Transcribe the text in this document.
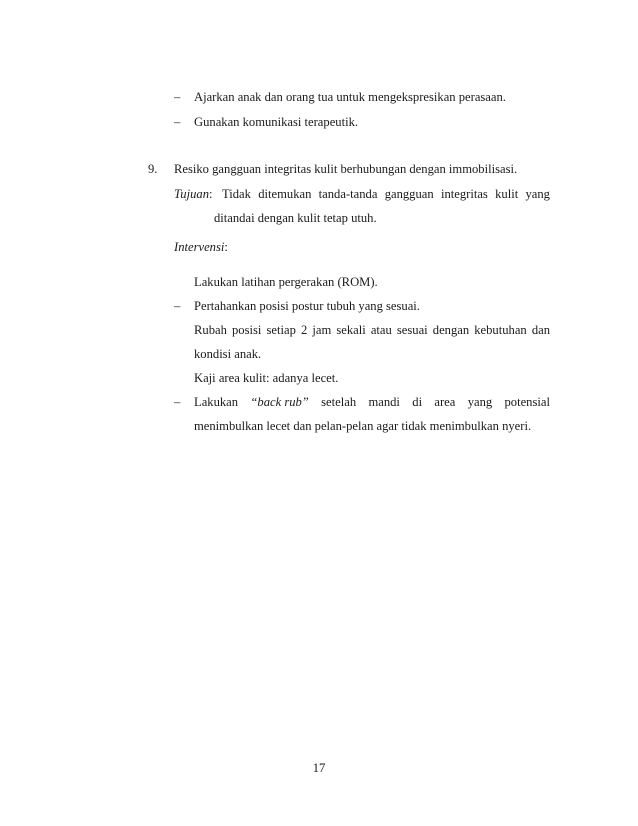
– Ajarkan anak dan orang tua untuk mengekspresikan perasaan.
– Gunakan komunikasi terapeutik.
9. Resiko gangguan integritas kulit berhubungan dengan immobilisasi.
Tujuan: Tidak ditemukan tanda-tanda gangguan integritas kulit yang
ditandai dengan kulit tetap utuh.
Intervensi:
Lakukan latihan pergerakan (ROM).
– Pertahankan posisi postur tubuh yang sesuai.
Rubah posisi setiap 2 jam sekali atau sesuai dengan kebutuhan dan
kondisi anak.
Kaji area kulit: adanya lecet.
– Lakukan “back rub” setelah mandi di area yang potensial
menimbulkan lecet dan pelan-pelan agar tidak menimbulkan nyeri.
17
